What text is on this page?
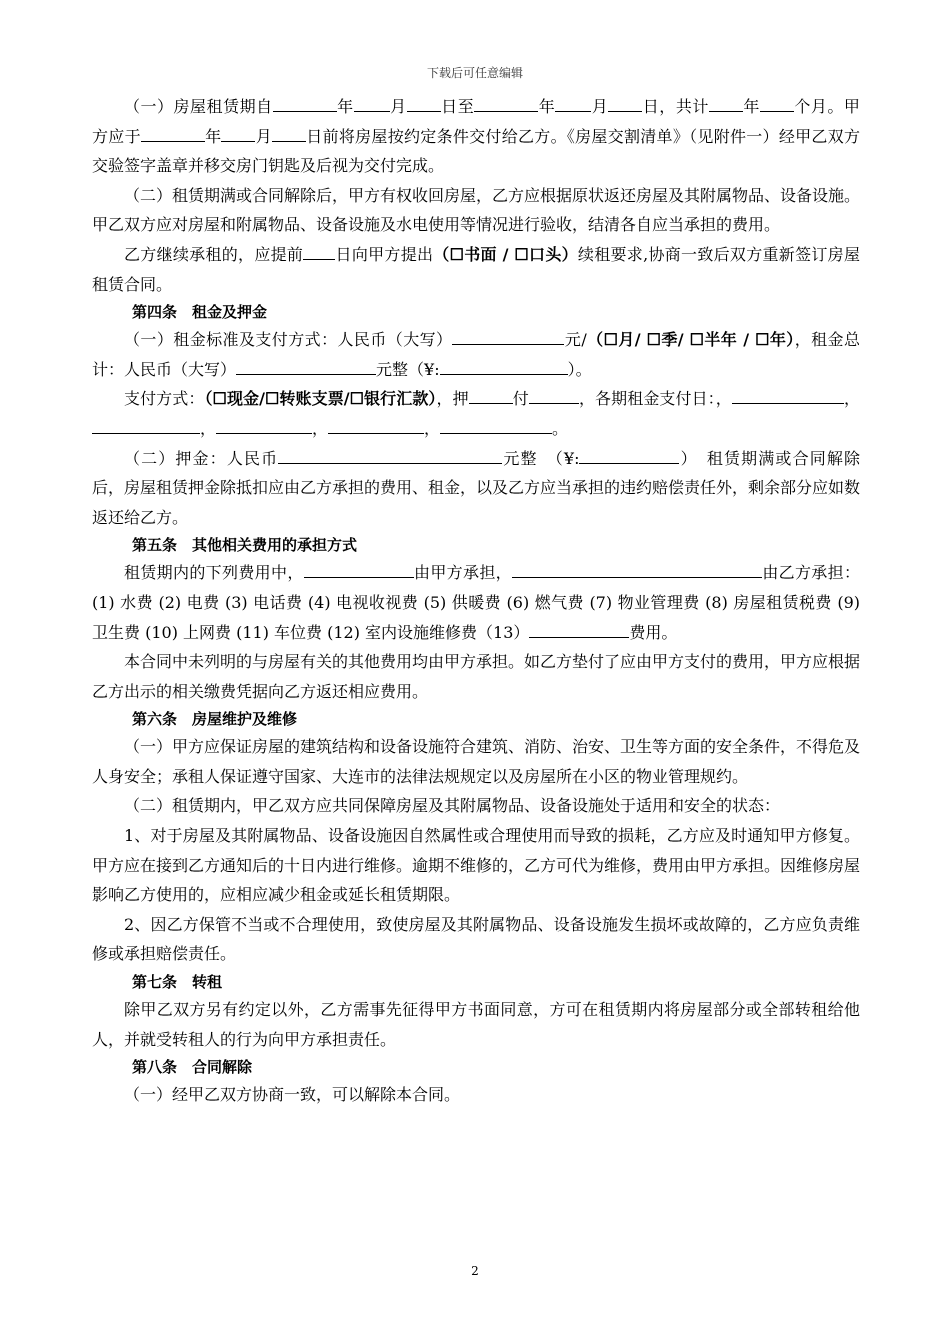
下载后可任意编辑

（一）房屋租赁期自	年 月 日至	年 月 日，共计 年 个月。甲方应于	年 月 日前将房屋按约定条件交付给乙方。《房屋交割清单》（见附件一）经甲乙双方交验签字盖章并移交房门钥匙及后视为交付完成。

（二）租赁期满或合同解除后，甲方有权收回房屋，乙方应根据原状返还房屋及其附属物品、设备设施。甲乙双方应对房屋和附属物品、设备设施及水电使用等情况进行验收，结清各自应当承担的费用。

乙方继续承租的，应提前 日向甲方提出（☐书面 / ☐口头）续租要求,协商一致后双方重新签订房屋租赁合同。

第四条　租金及押金

（一）租金标准及支付方式：人民币（大写）	元/（☐月/ ☐季/ ☐半年 / ☐年），租金总计：人民币（大写）	元整（¥:	）。

支付方式：（☐现金/☐转账支票/☐银行汇款），押	付	，各期租金支付日：，	，，	，	，	。

（二）押金：人民币	元整　（¥:	）　租赁期满或合同解除后，房屋租赁押金除抵扣应由乙方承担的费用、租金，以及乙方应当承担的违约赔偿责任外，剩余部分应如数返还给乙方。

第五条　其他相关费用的承担方式

租赁期内的下列费用中，	由甲方承担，	由乙方承担：(1) 水费 (2) 电费 (3) 电话费 (4) 电视收视费 (5) 供暖费 (6) 燃气费 (7) 物业管理费 (8) 房屋租赁税费 (9) 卫生费 (10) 上网费 (11) 车位费 (12) 室内设施维修费（13）	费用。

本合同中未列明的与房屋有关的其他费用均由甲方承担。如乙方垫付了应由甲方支付的费用，甲方应根据乙方出示的相关缴费凭据向乙方返还相应费用。

第六条　房屋维护及维修

（一）甲方应保证房屋的建筑结构和设备设施符合建筑、消防、治安、卫生等方面的安全条件，不得危及人身安全；承租人保证遵守国家、大连市的法律法规规定以及房屋所在小区的物业管理规约。

（二）租赁期内，甲乙双方应共同保障房屋及其附属物品、设备设施处于适用和安全的状态：

1、对于房屋及其附属物品、设备设施因自然属性或合理使用而导致的损耗，乙方应及时通知甲方修复。甲方应在接到乙方通知后的十日内进行维修。逾期不维修的，乙方可代为维修，费用由甲方承担。因维修房屋影响乙方使用的，应相应减少租金或延长租赁期限。

2、因乙方保管不当或不合理使用，致使房屋及其附属物品、设备设施发生损坏或故障的，乙方应负责维修或承担赔偿责任。

第七条　转租

除甲乙双方另有约定以外，乙方需事先征得甲方书面同意，方可在租赁期内将房屋部分或全部转租给他人，并就受转租人的行为向甲方承担责任。

第八条　合同解除

（一）经甲乙双方协商一致，可以解除本合同。

2
